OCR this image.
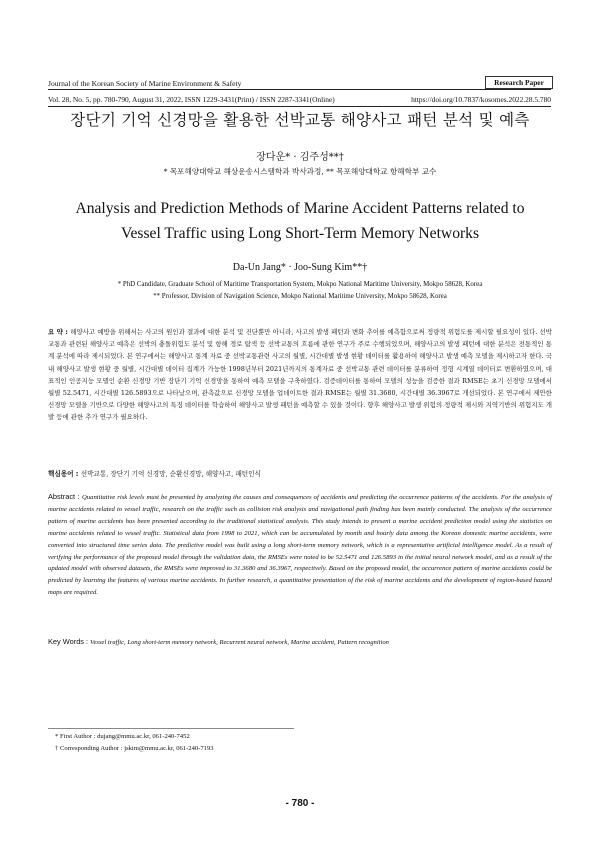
Journal of the Korean Society of Marine Environment & Safety	Research Paper
Vol. 28, No. 5, pp. 780-790, August 31, 2022, ISSN 1229-3431(Print) / ISSN 2287-3341(Online)	https://doi.org/10.7837/kosomes.2022.28.5.780
장단기 기억 신경망을 활용한 선박교통 해양사고 패턴 분석 및 예측
장다운* · 김주성**†
* 목포해양대학교 해상운송시스템학과 박사과정, ** 목포해양대학교 항해학부 교수
Analysis and Prediction Methods of Marine Accident Patterns related to
Vessel Traffic using Long Short-Term Memory Networks
Da-Un Jang* · Joo-Sung Kim**†
* PhD Candidate, Graduate School of Maritime Transportation System, Mokpo National Maritime University, Mokpo 58628, Korea
** Professor, Division of Navigation Science, Mokpo National Maritime University, Mokpo 58628, Korea
요 약 : 해양사고 예방을 위해서는 사고의 원인과 결과에 대한 분석 및 진단뿐만 아니라, 사고의 발생 패턴과 변화 추이를 예측함으로써 정량적 위험도를 제시할 필요성이 있다. 선박교통과 관련된 해양사고 예측은 선박의 충돌위험도 분석 및 항해 경로 탐색 등 선박교통의 흐름에 관한 연구가 주로 수행되었으며, 해양사고의 발생 패턴에 대한 분석은 전통적인 통계 분석에 따라 제시되었다. 본 연구에서는 해양사고 통계 자료 중 선박교통관련 사고의 월별, 시간대별 발생 현황 데이터를 활용하여 해양사고 발생 예측 모델을 제시하고자 한다. 국내 해양사고 발생 현황 중 월별, 시간대별 데이터 집계가 가능한 1998년부터 2021년까지의 통계자료 중 선박교통 관련 데이터를 분류하여 정형 시계열 데이터로 변환하였으며, 대표적인 인공지능 모델인 순환 신경망 기반 장단기 기억 신경망을 통하여 예측 모델을 구축하였다. 검증데이터를 통하여 모델의 성능을 검증한 결과 RMSE는 초기 신경망 모델에서 월별 52.5471, 시간대별 126.5893으로 나타났으며, 관측값으로 신경망 모델을 업데이트한 결과 RMSE는 월별 31.3680, 시간대별 36.3967로 개선되었다. 본 연구에서 제안한 신경망 모델을 기반으로 다양한 해양사고의 특징 데이터를 학습하여 해양사고 발생 패턴을 예측할 수 있을 것이다. 향후 해양사고 발생 위험의 정량적 제시와 지역기반의 위험지도 개발 등에 관한 추가 연구가 필요하다.
핵심용어 : 선박교통, 장단기 기억 신경망, 순환신경망, 해양사고, 패턴인식
Abstract : Quantitative risk levels must be presented by analyzing the causes and consequences of accidents and predicting the occurrence patterns of the accidents. For the analysis of marine accidents related to vessel traffic, research on the traffic such as collision risk analysis and navigational path finding has been mainly conducted. The analysis of the occurrence pattern of marine accidents has been presented according to the traditional statistical analysis. This study intends to present a marine accident prediction model using the statistics on marine accidents related to vessel traffic. Statistical data from 1998 to 2021, which can be accumulated by month and hourly data among the Korean domestic marine accidents, were converted into structured time series data. The predictive model was built using a long short-term memory network, which is a representative artificial intelligence model. As a result of verifying the performance of the proposed model through the validation data, the RMSEs were noted to be 52.5471 and 126.5893 in the initial neural network model, and as a result of the updated model with observed datasets, the RMSEs were improved to 31.3680 and 36.3967, respectively. Based on the proposed model, the occurrence pattern of marine accidents could be predicted by learning the features of various marine accidents. In further research, a quantitative presentation of the risk of marine accidents and the development of region-based hazard maps are required.
Key Words : Vessel traffic, Long short-term memory network, Recurrent neural network, Marine accident, Pattern recognition
* First Author : dujang@mmu.ac.kr, 061-240-7452
† Corresponding Author : jskim@mmu.ac.kr, 061-240-7193
- 780 -
